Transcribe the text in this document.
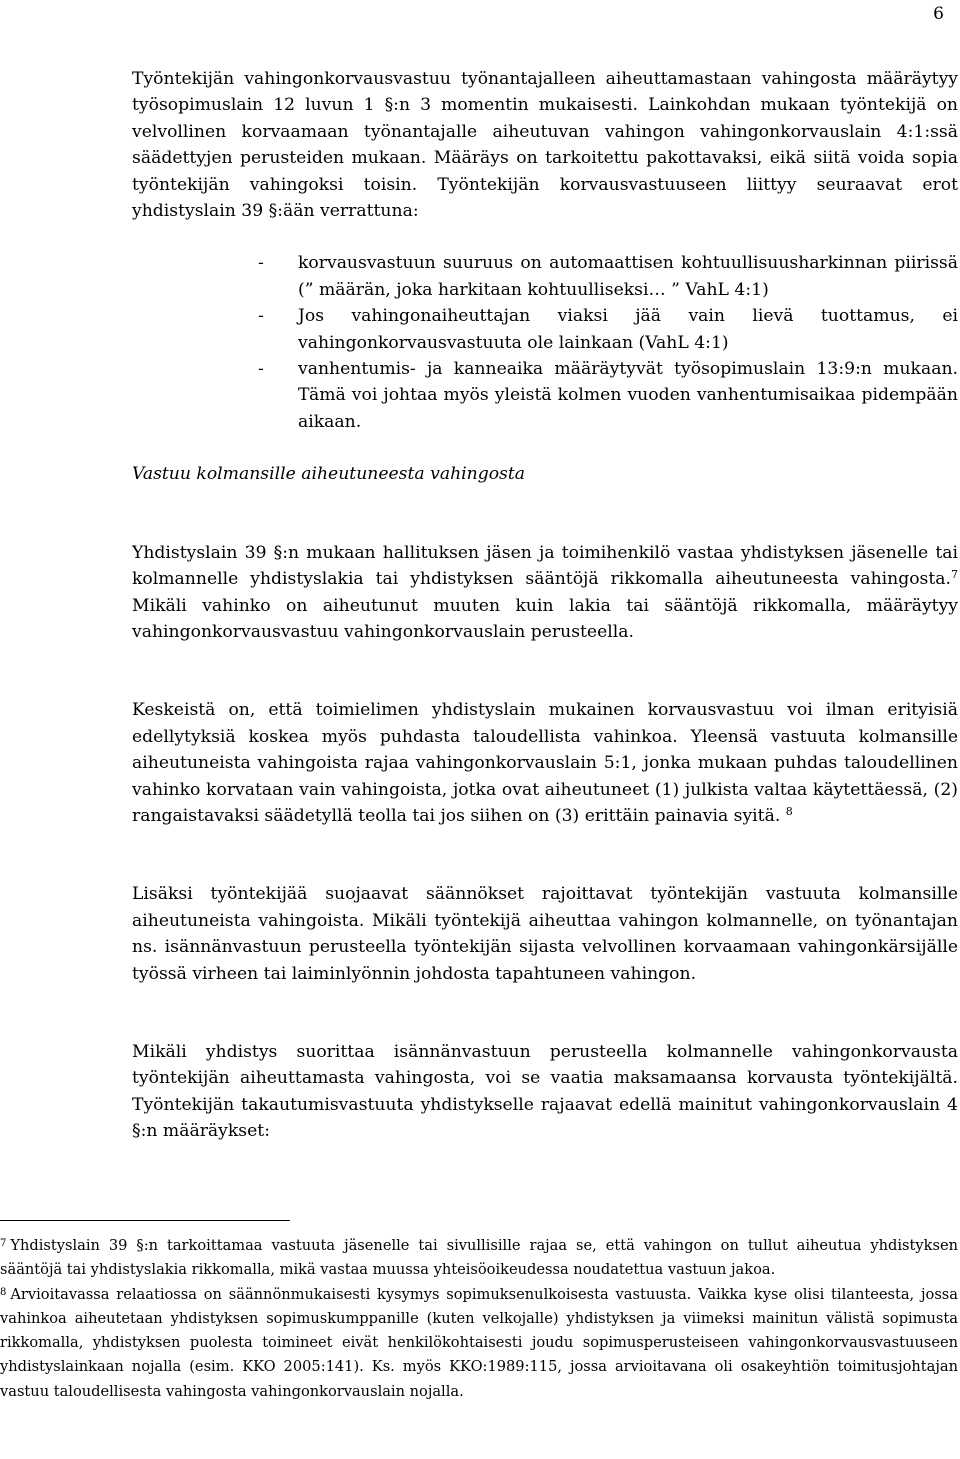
6

Työntekijän vahingonkorvausvastuu työnantajalleen aiheuttamastaan vahingosta määräytyy työsopimuslain 12 luvun 1 §:n 3 momentin mukaisesti. Lainkohdan mukaan työntekijä on velvollinen korvaamaan työnantajalle aiheutuvan vahingon vahingonkorvauslain 4:1:ssä säädettyjen perusteiden mukaan. Määräys on tarkoitettu pakottavaksi, eikä siitä voida sopia työntekijän vahingoksi toisin. Työntekijän korvausvastuuseen liittyy seuraavat erot yhdistyslain 39 §:ään verrattuna:

- korvausvastuun suuruus on automaattisen kohtuullisuusharkinnan piirissä (” määrän, joka harkitaan kohtuulliseksi… ” VahL 4:1)
- Jos vahingonaiheuttajan viaksi jää vain lievä tuottamus, ei vahingonkorvausvastuuta ole lainkaan (VahL 4:1)
- vanhentumis- ja kanneaika määräytyvät työsopimuslain 13:9:n mukaan. Tämä voi johtaa myös yleistä kolmen vuoden vanhentumisaikaa pidempään aikaan.

Vastuu kolmansille aiheutuneesta vahingosta

Yhdistyslain 39 §:n mukaan hallituksen jäsen ja toimihenkilö vastaa yhdistyksen jäsenelle tai kolmannelle yhdistyslakia tai yhdistyksen sääntöjä rikkomalla aiheutuneesta vahingosta.$^7$ Mikäli vahinko on aiheutunut muuten kuin lakia tai sääntöjä rikkomalla, määräytyy vahingonkorvausvastuu vahingonkorvauslain perusteella.

Keskeistä on, että toimielimen yhdistyslain mukainen korvausvastuu voi ilman erityisiä edellytyksiä koskea myös puhdasta taloudellista vahinkoa. Yleensä vastuuta kolmansille aiheutuneista vahingoista rajaa vahingonkorvauslain 5:1, jonka mukaan puhdas taloudellinen vahinko korvataan vain vahingoista, jotka ovat aiheutuneet (1) julkista valtaa käytettäessä, (2) rangaistavaksi säädetyllä teolla tai jos siihen on (3) erittäin painavia syitä. $^8$

Lisäksi työntekijää suojaavat säännökset rajoittavat työntekijän vastuuta kolmansille aiheutuneista vahingoista. Mikäli työntekijä aiheuttaa vahingon kolmannelle, on työnantajan ns. isännänvastuun perusteella työntekijän sijasta velvollinen korvaamaan vahingonkärsijälle työssä virheen tai laiminlyönnin johdosta tapahtuneen vahingon.

Mikäli yhdistys suorittaa isännänvastuun perusteella kolmannelle vahingonkorvausta työntekijän aiheuttamasta vahingosta, voi se vaatia maksamaansa korvausta työntekijältä. Työntekijän takautumisvastuuta yhdistykselle rajaavat edellä mainitut vahingonkorvauslain 4 §:n määräykset:

$^7$ Yhdistyslain 39 §:n tarkoittamaa vastuuta jäsenelle tai sivullisille rajaa se, että vahingon on tullut aiheutua yhdistyksen sääntöjä tai yhdistyslakia rikkomalla, mikä vastaa muussa yhteisöoikeudessa noudatettua vastuun jakoa.

$^8$ Arvioitavassa relaatiossa on säännönmukaisesti kysymys sopimuksenulkoisesta vastuusta. Vaikka kyse olisi tilanteesta, jossa vahinkoa aiheutetaan yhdistyksen sopimuskumppanille (kuten velkojalle) yhdistyksen ja viimeksi mainitun välistä sopimusta rikkomalla, yhdistyksen puolesta toimineet eivät henkilökohtaisesti joudu sopimusperusteiseen vahingonkorvausvastuuseen yhdistyslainkaan nojalla (esim. KKO 2005:141). Ks. myös KKO:1989:115, jossa arvioitavana oli osakeyhtiön toimitusjohtajan vastuu taloudellisesta vahingosta vahingonkorvauslain nojalla.
